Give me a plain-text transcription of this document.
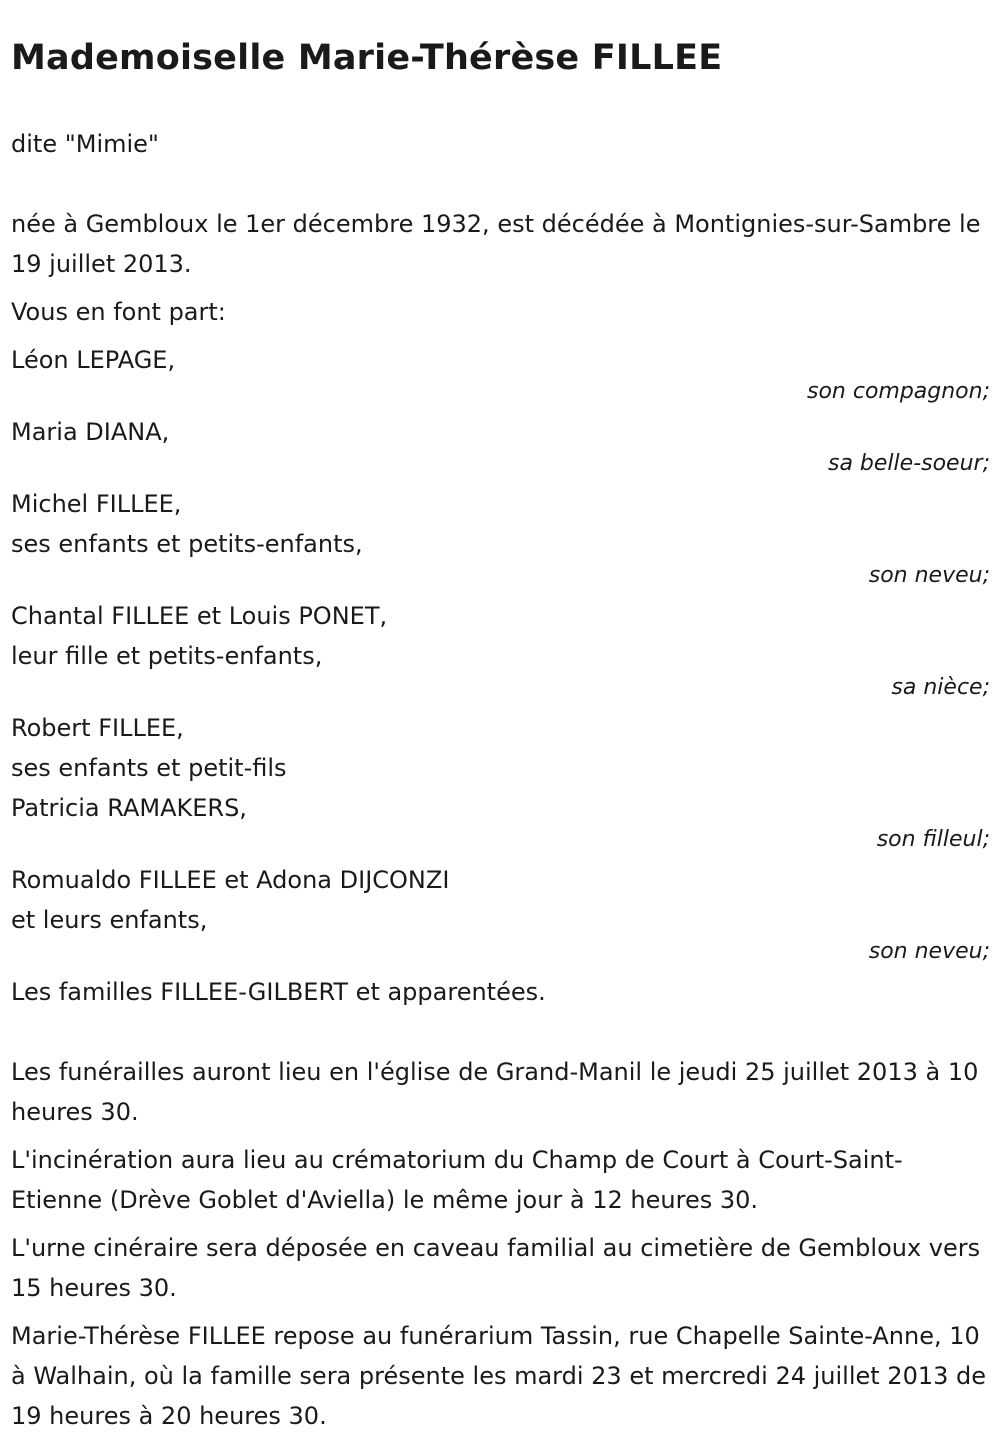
Mademoiselle Marie-Thérèse FILLEE

dite "Mimie"

née à Gembloux le 1er décembre 1932, est décédée à Montignies-sur-Sambre le 19 juillet 2013.

Vous en font part:

Léon LEPAGE,

son compagnon;

Maria DIANA,

sa belle-soeur;

Michel FILLEE,

ses enfants et petits-enfants,

son neveu;

Chantal FILLEE et Louis PONET,

leur fille et petits-enfants,

sa nièce;

Robert FILLEE,

ses enfants et petit-fils

Patricia RAMAKERS,

son filleul;

Romualdo FILLEE et Adona DIJCONZI

et leurs enfants,

son neveu;

Les familles FILLEE-GILBERT et apparentées.

Les funérailles auront lieu en l'église de Grand-Manil le jeudi 25 juillet 2013 à 10 heures 30.

L'incinération aura lieu au crématorium du Champ de Court à Court-Saint-Etienne (Drève Goblet d'Aviella) le même jour à 12 heures 30.

L'urne cinéraire sera déposée en caveau familial au cimetière de Gembloux vers 15 heures 30.

Marie-Thérèse FILLEE repose au funérarium Tassin, rue Chapelle Sainte-Anne, 10 à Walhain, où la famille sera présente les mardi 23 et mercredi 24 juillet 2013 de 19 heures à 20 heures 30.
